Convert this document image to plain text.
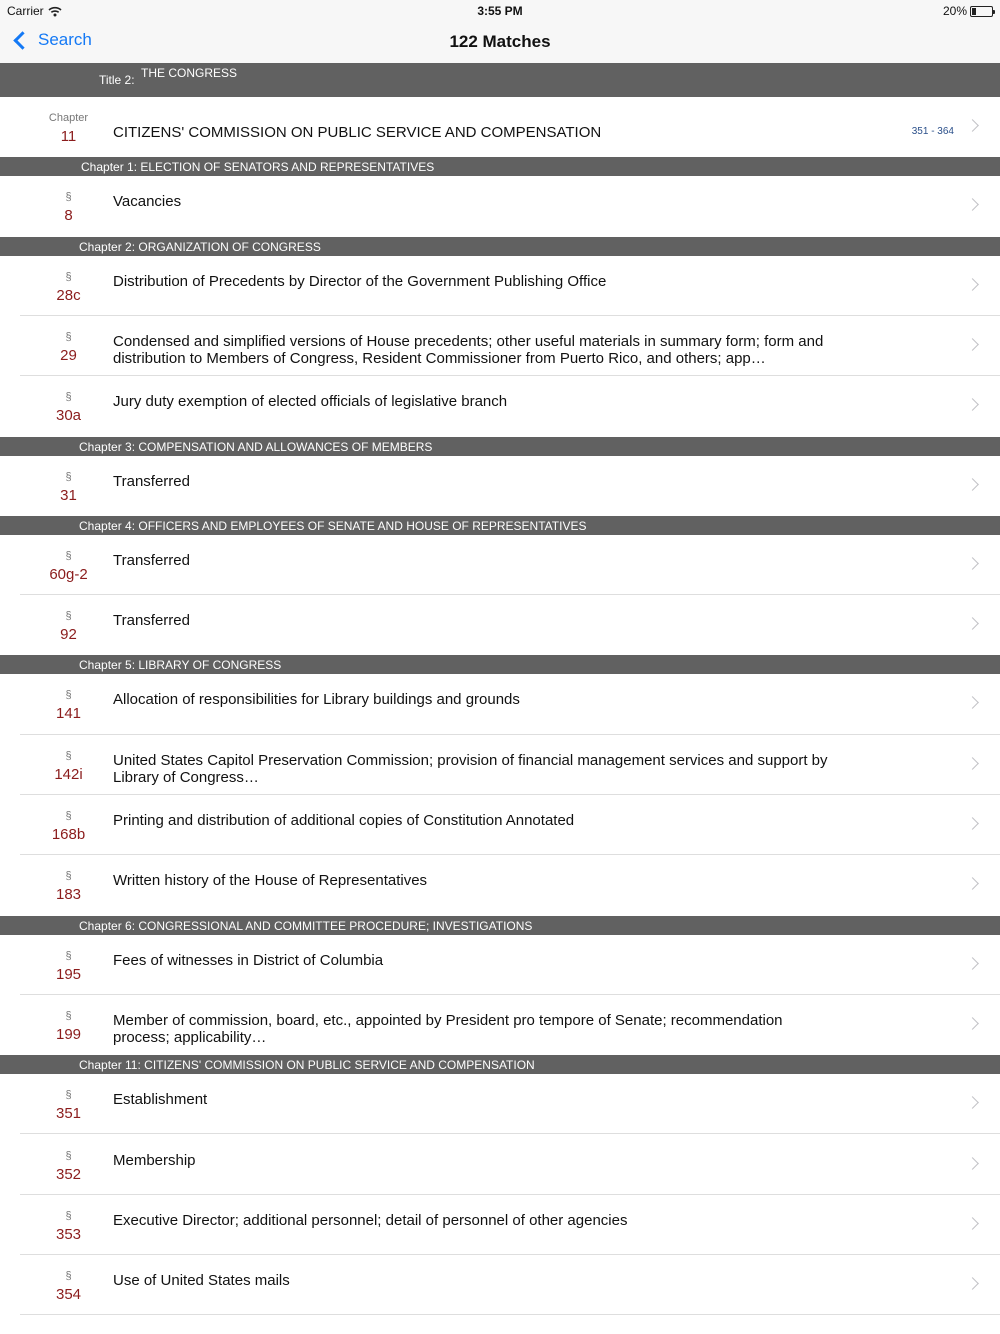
Carrier	3:55 PM	20%
Search	122 Matches
Title 2: THE CONGRESS
Chapter
11	CITIZENS' COMMISSION ON PUBLIC SERVICE AND COMPENSATION	351 - 364
Chapter 1: ELECTION OF SENATORS AND REPRESENTATIVES
§
8
Vacancies
Chapter 2: ORGANIZATION OF CONGRESS
§
28c
Distribution of Precedents by Director of the Government Publishing Office
§
29
Condensed and simplified versions of House precedents; other useful materials in summary form; form and distribution to Members of Congress, Resident Commissioner from Puerto Rico, and others; app…
§
30a
Jury duty exemption of elected officials of legislative branch
Chapter 3: COMPENSATION AND ALLOWANCES OF MEMBERS
§
31
Transferred
Chapter 4: OFFICERS AND EMPLOYEES OF SENATE AND HOUSE OF REPRESENTATIVES
§
60g-2
Transferred
§
92
Transferred
Chapter 5: LIBRARY OF CONGRESS
§
141
Allocation of responsibilities for Library buildings and grounds
§
142i
United States Capitol Preservation Commission; provision of financial management services and support by Library of Congress…
§
168b
Printing and distribution of additional copies of Constitution Annotated
§
183
Written history of the House of Representatives
Chapter 6: CONGRESSIONAL AND COMMITTEE PROCEDURE; INVESTIGATIONS
§
195
Fees of witnesses in District of Columbia
§
199
Member of commission, board, etc., appointed by President pro tempore of Senate; recommendation process; applicability…
Chapter 11: CITIZENS' COMMISSION ON PUBLIC SERVICE AND COMPENSATION
§
351
Establishment
§
352
Membership
§
353
Executive Director; additional personnel; detail of personnel of other agencies
§
354
Use of United States mails
